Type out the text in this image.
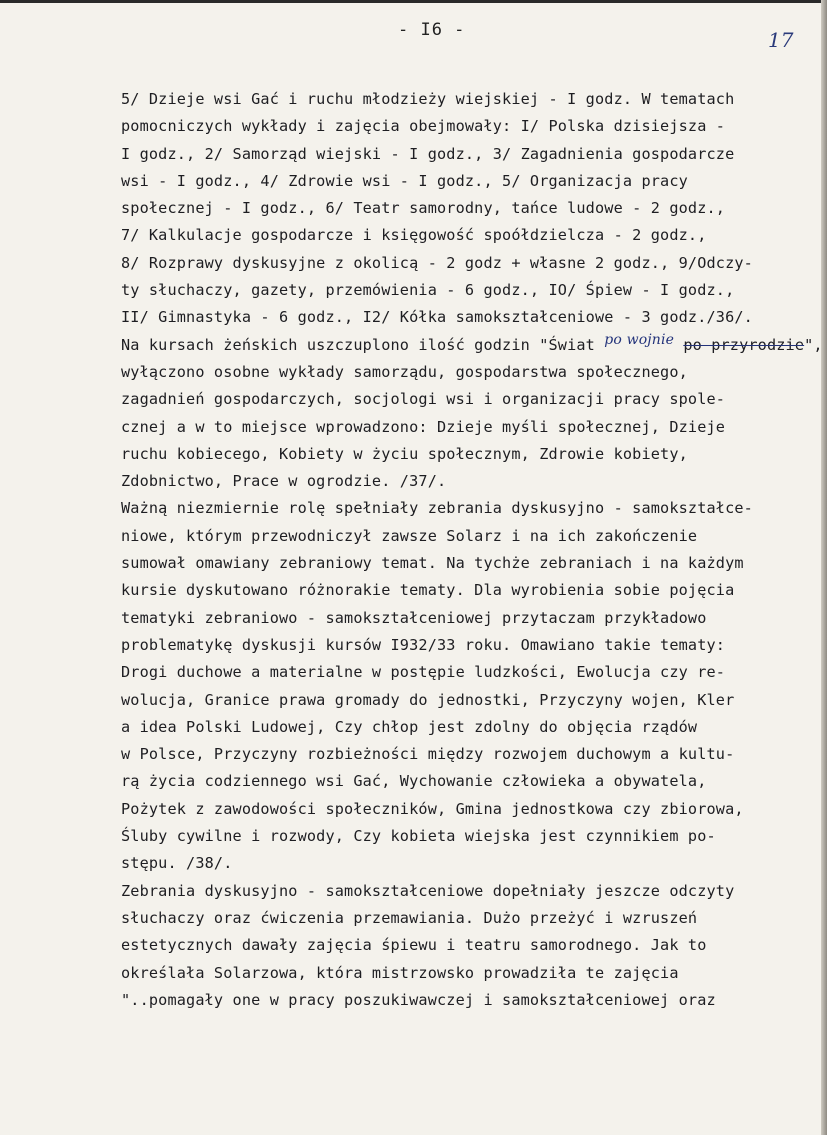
- I6 -	17
5/ Dzieje wsi Gać i ruchu młodzieży wiejskiej - I godz. W tematach
pomocniczych wykłady i zajęcia obejmowały: I/ Polska dzisiejsza -
I godz., 2/ Samorząd wiejski - I godz., 3/ Zagadnienia gospodarcze
wsi - I godz., 4/ Zdrowie wsi - I godz., 5/ Organizacja pracy
społecznej - I godz., 6/ Teatr samorodny, tańce ludowe - 2 godz.,
7/ Kalkulacje gospodarcze i księgowość spoółdzielcza - 2 godz.,
8/ Rozprawy dyskusyjne z okolicą - 2 godz + własne 2 godz., 9/Odczy-
ty słuchaczy, gazety, przemówienia - 6 godz., IO/ Śpiew - I godz.,
II/ Gimnastyka - 6 godz., I2/ Kółka samokształceniowe - 3 godz./36/.
Na kursach żeńskich uszczuplono ilość godzin "Świat po wojnie po przyrodzie",
wyłączono osobne wykłady samorządu, gospodarstwa społecznego,
zagadnień gospodarczych, socjologi wsi i organizacji pracy spole-
cznej a w to miejsce wprowadzono: Dzieje myśli społecznej, Dzieje
ruchu kobiecego, Kobiety w życiu społecznym, Zdrowie kobiety,
Zdobnictwo, Prace w ogrodzie. /37/.
Ważną niezmiernie rolę spełniały zebrania dyskusyjno - samokształce-
niowe, którym przewodniczył zawsze Solarz i na ich zakończenie
sumował omawiany zebraniowy temat. Na tychże zebraniach i na każdym
kursie dyskutowano różnorakie tematy. Dla wyrobienia sobie pojęcia
tematyki zebraniowo - samokształceniowej przytaczam przykładowo
problematykę dyskusji kursów I932/33 roku. Omawiano takie tematy:
Drogi duchowe a materialne w postępie ludzkości, Ewolucja czy re-
wolucja, Granice prawa gromady do jednostki, Przyczyny wojen, Kler
a idea Polski Ludowej, Czy chłop jest zdolny do objęcia rządów
w Polsce, Przyczyny rozbieżności między rozwojem duchowym a kultu-
rą życia codziennego wsi Gać, Wychowanie człowieka a obywatela,
Pożytek z zawodowości społeczników, Gmina jednostkowa czy zbiorowa,
Śluby cywilne i rozwody, Czy kobieta wiejska jest czynnikiem po-
stępu. /38/.
Zebrania dyskusyjno - samokształceniowe dopełniały jeszcze odczyty
słuchaczy oraz ćwiczenia przemawiania. Dużo przeżyć i wzruszeń
estetycznych dawały zajęcia śpiewu i teatru samorodnego. Jak to
określała Solarzowa, która mistrzowsko prowadziła te zajęcia
"..pomagały one w pracy poszukiwawczej i samokształceniowej oraz
